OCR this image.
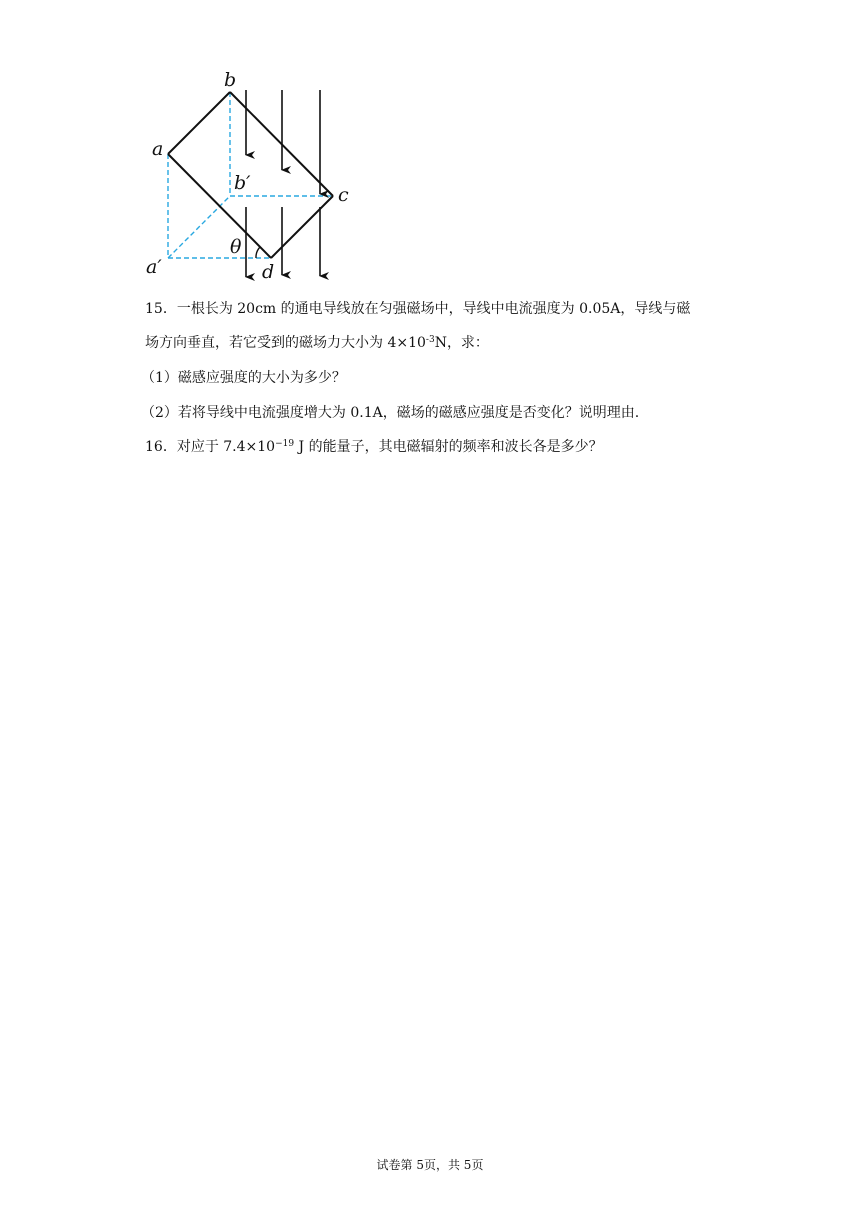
b
a
b′
c
θ
a′	d
15．一根长为 20cm 的通电导线放在匀强磁场中，导线中电流强度为 0.05A，导线与磁
场方向垂直，若它受到的磁场力大小为 $4\times 10^{-3}N$，求：
（1）磁感应强度的大小为多少？
（2）若将导线中电流强度增大为 0.1A，磁场的磁感应强度是否变化？说明理由.
16．对应于 $7.4\times 10^{-19}$ J 的能量子，其电磁辐射的频率和波长各是多少？
试卷第 5页，共 5页
